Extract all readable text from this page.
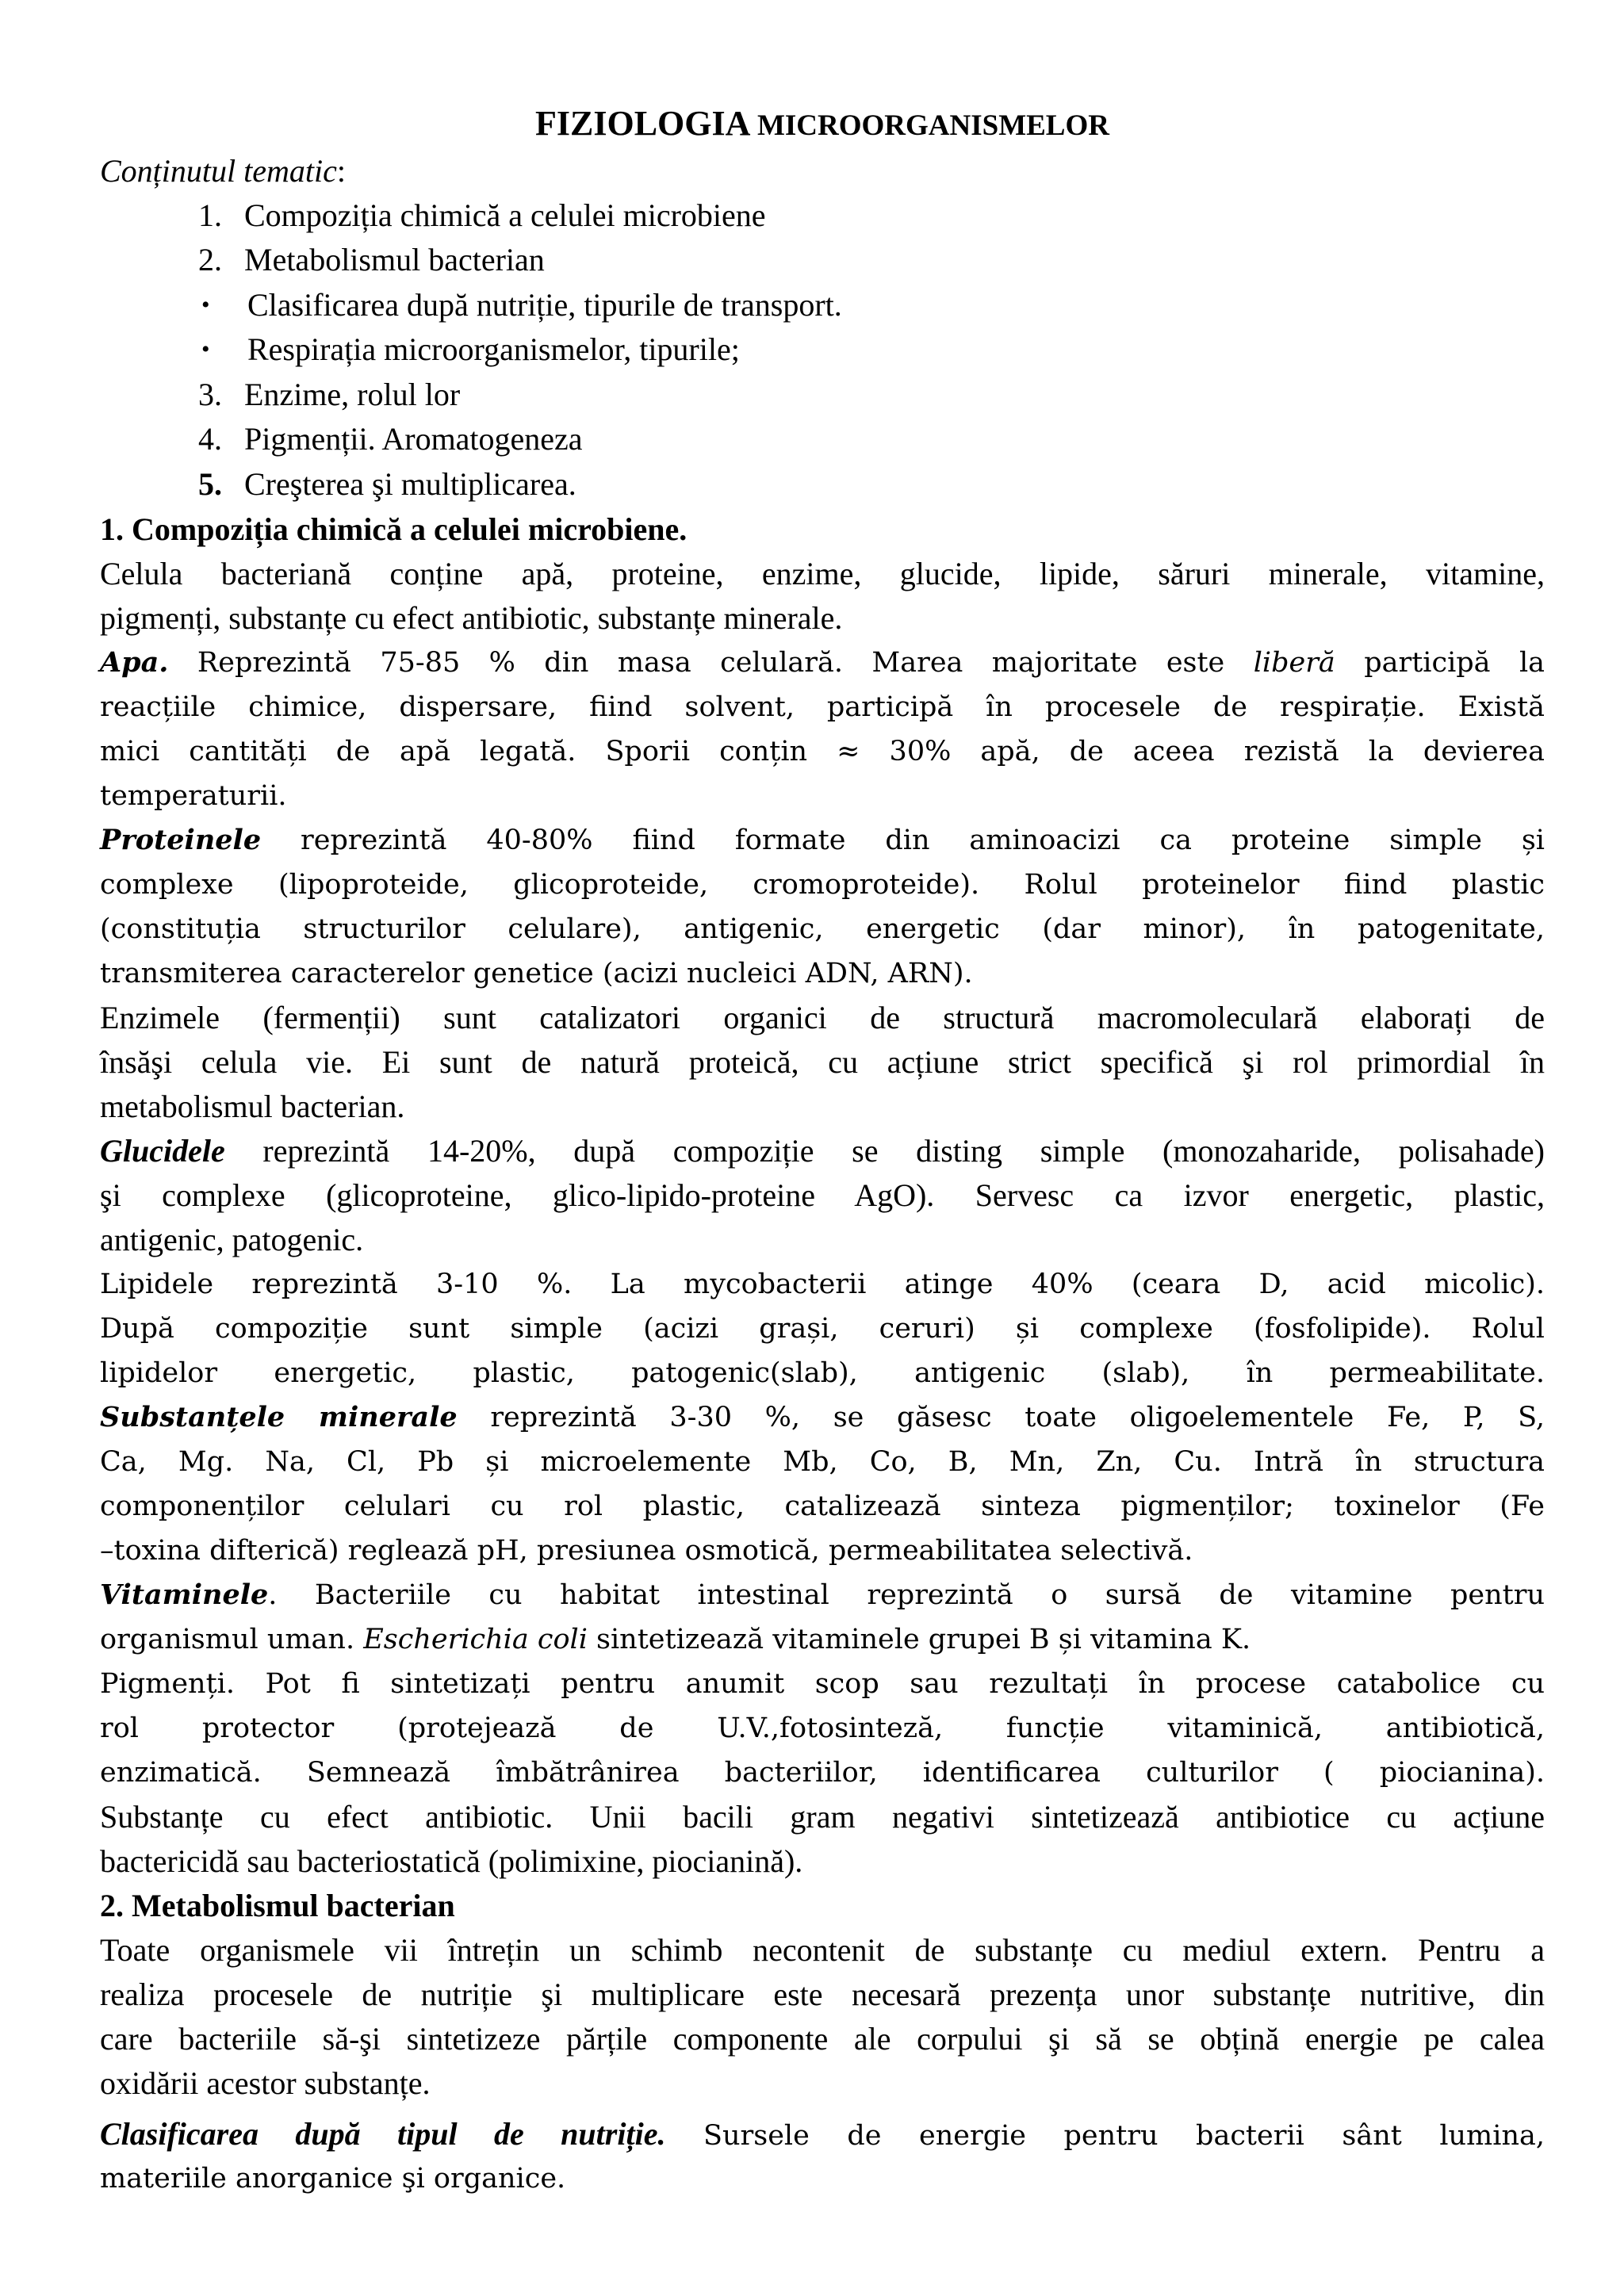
FIZIOLOGIA MICROORGANISMELOR
Conținutul tematic:
1. Compoziția chimică a celulei microbiene
2. Metabolismul bacterian
• Clasificarea după nutriție, tipurile de transport.
• Respirația microorganismelor, tipurile;
3. Enzime, rolul lor
4. Pigmenții. Aromatogeneza
5. Creşterea şi multiplicarea.
1. Compoziția chimică a celulei microbiene.
Celula bacteriană conține apă, proteine, enzime, glucide, lipide, săruri minerale, vitamine,
pigmenți, substanțe cu efect antibiotic, substanțe minerale.
Apa. Reprezintă 75-85 % din masa celulară. Marea majoritate este liberă participă la
reacțiile chimice, dispersare, fiind solvent, participă în procesele de respirație. Există
mici cantități de apă legată. Sporii conțin ≈ 30% apă, de aceea rezistă la devierea
temperaturii.
Proteinele reprezintă 40-80% fiind formate din aminoacizi ca proteine simple și
complexe (lipoproteide, glicoproteide, cromoproteide). Rolul proteinelor fiind plastic
(constituția structurilor celulare), antigenic, energetic (dar minor), în patogenitate,
transmiterea caracterelor genetice (acizi nucleici ADN, ARN).
Enzimele (fermenții) sunt catalizatori organici de structură macromoleculară elaborați de
însăşi celula vie. Ei sunt de natură proteică, cu acțiune strict specifică şi rol primordial în
metabolismul bacterian.
Glucidele reprezintă 14-20%, după compoziție se disting simple (monozaharide, polisahade)
şi complexe (glicoproteine, glico-lipido-proteine AgO). Servesc ca izvor energetic, plastic,
antigenic, patogenic.
Lipidele reprezintă 3-10 %. La mycobacterii atinge 40% (ceara D, acid micolic).
După compoziție sunt simple (acizi grași, ceruri) și complexe (fosfolipide). Rolul
lipidelor energetic, plastic, patogenic(slab), antigenic (slab), în permeabilitate.
Substanțele minerale reprezintă 3-30 %, se găsesc toate oligoelementele Fe, P, S,
Ca, Mg. Na, Cl, Pb și microelemente Mb, Co, B, Mn, Zn, Cu. Intră în structura
componenților celulari cu rol plastic, catalizează sinteza pigmenților; toxinelor (Fe
–toxina difterică) reglează pH, presiunea osmotică, permeabilitatea selectivă.
Vitaminele. Bacteriile cu habitat intestinal reprezintă o sursă de vitamine pentru
organismul uman. Escherichia coli sintetizează vitaminele grupei B și vitamina K.
Pigmenți. Pot fi sintetizați pentru anumit scop sau rezultați în procese catabolice cu
rol protector (protejează de U.V.,fotosinteză, funcție vitaminică, antibiotică,
enzimatică. Semnează îmbătrânirea bacteriilor, identificarea culturilor ( piocianina).
Substanțe cu efect antibiotic. Unii bacili gram negativi sintetizează antibiotice cu acțiune
bactericidă sau bacteriostatică (polimixine, piocianină).
2. Metabolismul bacterian
Toate organismele vii întrețin un schimb necontenit de substanțe cu mediul extern. Pentru a
realiza procesele de nutriție şi multiplicare este necesară prezența unor substanțe nutritive, din
care bacteriile să-şi sintetizeze părțile componente ale corpului şi să se obțină energie pe calea
oxidării acestor substanțe.
Clasificarea după tipul de nutriție. Sursele de energie pentru bacterii sânt lumina,
materiile anorganice şi organice.
